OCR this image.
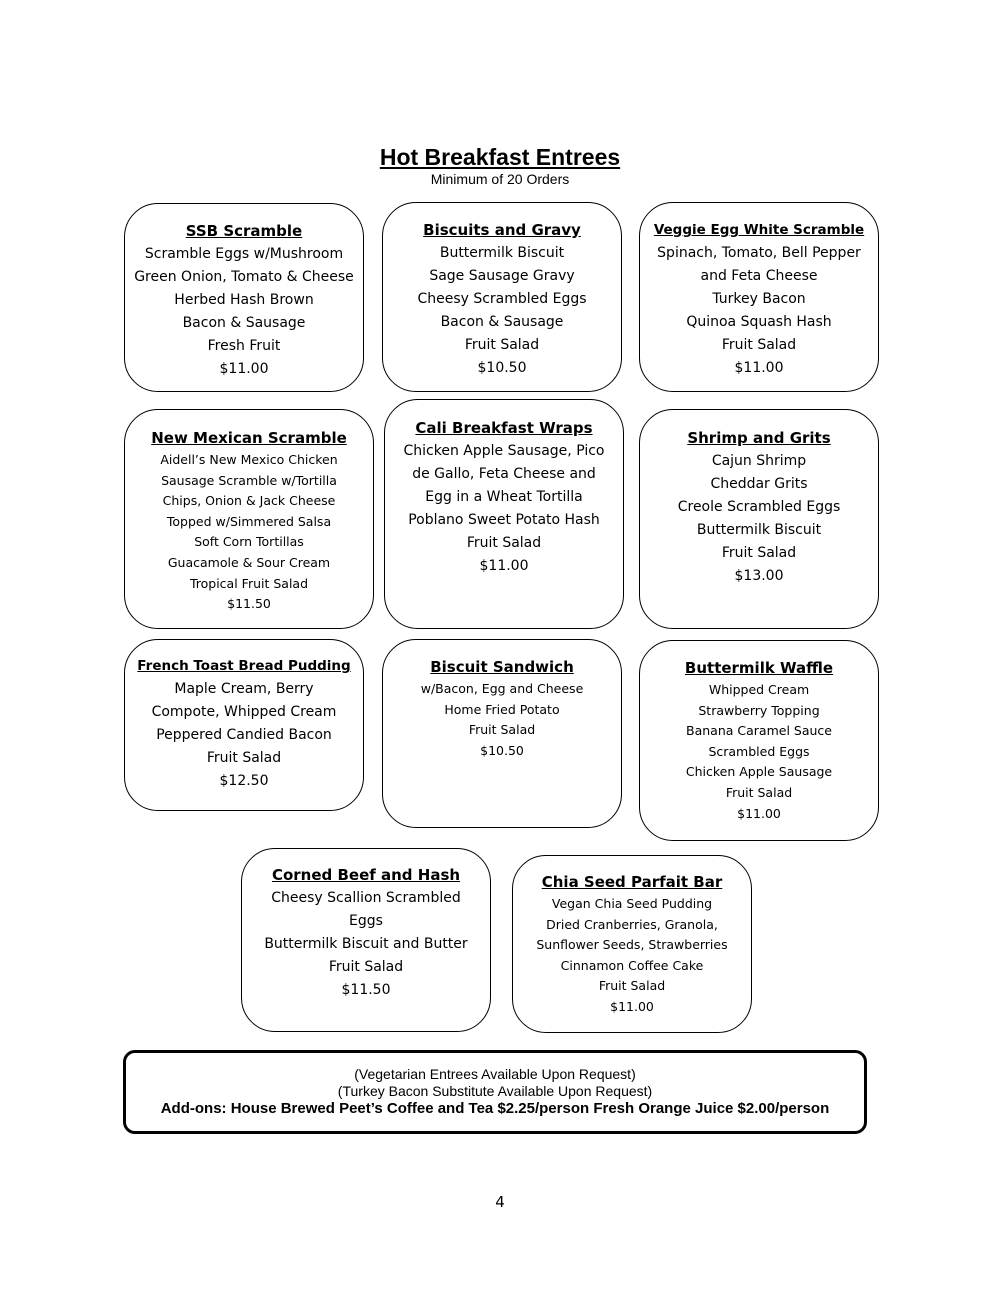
Hot Breakfast Entrees
Minimum of 20 Orders
SSB Scramble
Scramble Eggs w/Mushroom
Green Onion, Tomato & Cheese
Herbed Hash Brown
Bacon & Sausage
Fresh Fruit
$11.00
Biscuits and Gravy
Buttermilk Biscuit
Sage Sausage Gravy
Cheesy Scrambled Eggs
Bacon & Sausage
Fruit Salad
$10.50
Veggie Egg White Scramble
Spinach, Tomato, Bell Pepper
and Feta Cheese
Turkey Bacon
Quinoa Squash Hash
Fruit Salad
$11.00
New Mexican Scramble
Aidell’s New Mexico Chicken
Sausage Scramble w/Tortilla
Chips, Onion & Jack Cheese
Topped w/Simmered Salsa
Soft Corn Tortillas
Guacamole & Sour Cream
Tropical Fruit Salad
$11.50
Cali Breakfast Wraps
Chicken Apple Sausage, Pico
de Gallo, Feta Cheese and
Egg in a Wheat Tortilla
Poblano Sweet Potato Hash
Fruit Salad
$11.00
Shrimp and Grits
Cajun Shrimp
Cheddar Grits
Creole Scrambled Eggs
Buttermilk Biscuit
Fruit Salad
$13.00
French Toast Bread Pudding
Maple Cream, Berry
Compote, Whipped Cream
Peppered Candied Bacon
Fruit Salad
$12.50
Biscuit Sandwich
w/Bacon, Egg and Cheese
Home Fried Potato
Fruit Salad
$10.50
Buttermilk Waffle
Whipped Cream
Strawberry Topping
Banana Caramel Sauce
Scrambled Eggs
Chicken Apple Sausage
Fruit Salad
$11.00
Corned Beef and Hash
Cheesy Scallion Scrambled
Eggs
Buttermilk Biscuit and Butter
Fruit Salad
$11.50
Chia Seed Parfait Bar
Vegan Chia Seed Pudding
Dried Cranberries, Granola,
Sunflower Seeds, Strawberries
Cinnamon Coffee Cake
Fruit Salad
$11.00
(Vegetarian Entrees Available Upon Request)
(Turkey Bacon Substitute Available Upon Request)
Add-ons: House Brewed Peet’s Coffee and Tea $2.25/person Fresh Orange Juice $2.00/person
4
